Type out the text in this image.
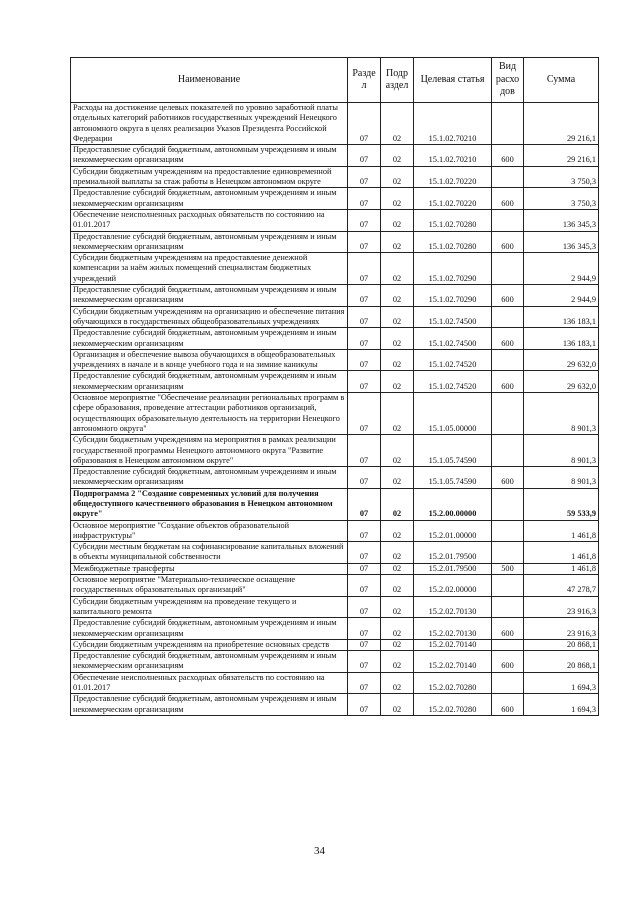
Наименование	Разде л	Подр аздел	Целевая статья	Вид расхо дов	Сумма
Расходы на достижение целевых показателей по уровню заработной платы отдельных категорий работников государственных учреждений Ненецкого автономного округа в целях реализации Указов Президента Российской Федерации	07	02	15.1.02.70210		29 216,1
Предоставление субсидий бюджетным, автономным учреждениям и иным некоммерческим организациям	07	02	15.1.02.70210	600	29 216,1
Субсидии бюджетным учреждениям на предоставление единовременной премиальной выплаты за стаж работы в Ненецком автономном округе	07	02	15.1.02.70220		3 750,3
Предоставление субсидий бюджетным, автономным учреждениям и иным некоммерческим организациям	07	02	15.1.02.70220	600	3 750,3
Обеспечение неисполненных расходных обязательств по состоянию на 01.01.2017	07	02	15.1.02.70280		136 345,3
Предоставление субсидий бюджетным, автономным учреждениям и иным некоммерческим организациям	07	02	15.1.02.70280	600	136 345,3
Субсидии бюджетным учреждениям на предоставление денежной компенсации за наём жилых помещений специалистам бюджетных учреждений	07	02	15.1.02.70290		2 944,9
Предоставление субсидий бюджетным, автономным учреждениям и иным некоммерческим организациям	07	02	15.1.02.70290	600	2 944,9
Субсидии бюджетным учреждениям на организацию и обеспечение питания обучающихся в государственных общеобразовательных учреждениях	07	02	15.1.02.74500		136 183,1
Предоставление субсидий бюджетным, автономным учреждениям и иным некоммерческим организациям	07	02	15.1.02.74500	600	136 183,1
Организация и обеспечение вывоза обучающихся в общеобразовательных учреждениях в начале и в конце учебного года и на зимние каникулы	07	02	15.1.02.74520		29 632,0
Предоставление субсидий бюджетным, автономным учреждениям и иным некоммерческим организациям	07	02	15.1.02.74520	600	29 632,0
Основное мероприятие "Обеспечение реализации региональных программ в сфере образования, проведение аттестации работников организаций, осуществляющих образовательную деятельность на территории Ненецкого автономного округа"	07	02	15.1.05.00000		8 901,3
Субсидии бюджетным учреждениям на мероприятия в рамках реализации государственной программы Ненецкого автономного округа "Развитие образования в Ненецком автономном округе"	07	02	15.1.05.74590		8 901,3
Предоставление субсидий бюджетным, автономным учреждениям и иным некоммерческим организациям	07	02	15.1.05.74590	600	8 901,3
Подпрограмма 2 "Создание современных условий для получения общедоступного качественного образования в Ненецком автономном округе"	07	02	15.2.00.00000		59 533,9
Основное мероприятие "Создание объектов образовательной инфраструктуры"	07	02	15.2.01.00000		1 461,8
Субсидии местным бюджетам на софинансирование капитальных вложений в объекты муниципальной собственности	07	02	15.2.01.79500		1 461,8
Межбюджетные трансферты	07	02	15.2.01.79500	500	1 461,8
Основное мероприятие "Материально-техническое оснащение государственных образовательных организаций"	07	02	15.2.02.00000		47 278,7
Субсидии бюджетным учреждениям на проведение текущего и капитального ремонта	07	02	15.2.02.70130		23 916,3
Предоставление субсидий бюджетным, автономным учреждениям и иным некоммерческим организациям	07	02	15.2.02.70130	600	23 916,3
Субсидии бюджетным учреждениям на приобретение основных средств	07	02	15.2.02.70140		20 868,1
Предоставление субсидий бюджетным, автономным учреждениям и иным некоммерческим организациям	07	02	15.2.02.70140	600	20 868,1
Обеспечение неисполненных расходных обязательств по состоянию на 01.01.2017	07	02	15.2.02.70280		1 694,3
Предоставление субсидий бюджетным, автономным учреждениям и иным некоммерческим организациям	07	02	15.2.02.70280	600	1 694,3
34
